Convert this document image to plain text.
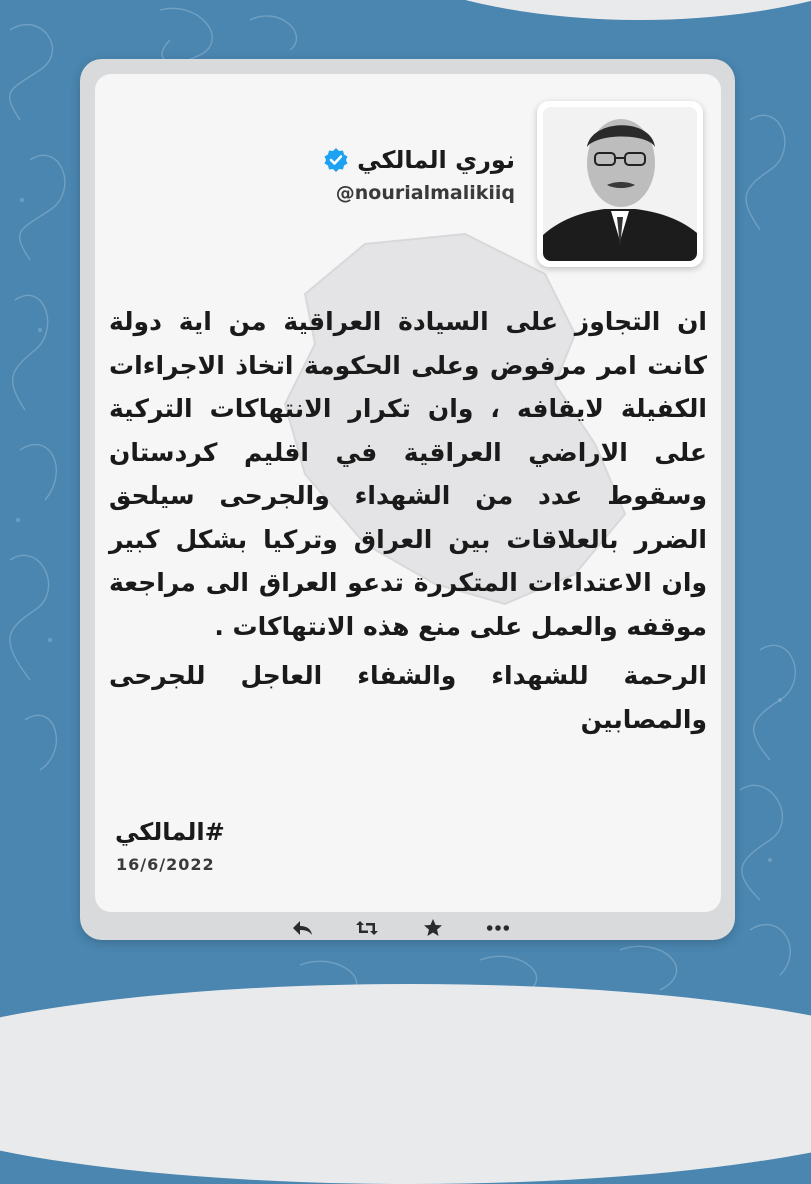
نوري المالكي
@nourialmalikiiq

ان التجاوز على السيادة العراقية من اية دولة كانت امر مرفوض وعلى الحكومة اتخاذ الاجراءات الكفيلة لايقافه ، وان تكرار الانتهاكات التركية على الاراضي العراقية في اقليم كردستان وسقوط عدد من الشهداء والجرحى سيلحق الضرر بالعلاقات بين العراق وتركيا بشكل كبير وان الاعتداءات المتكررة تدعو العراق الى مراجعة موقفه والعمل على منع هذه الانتهاكات .

الرحمة للشهداء والشفاء العاجل للجرحى والمصابين

#المالكي
16/6/2022
